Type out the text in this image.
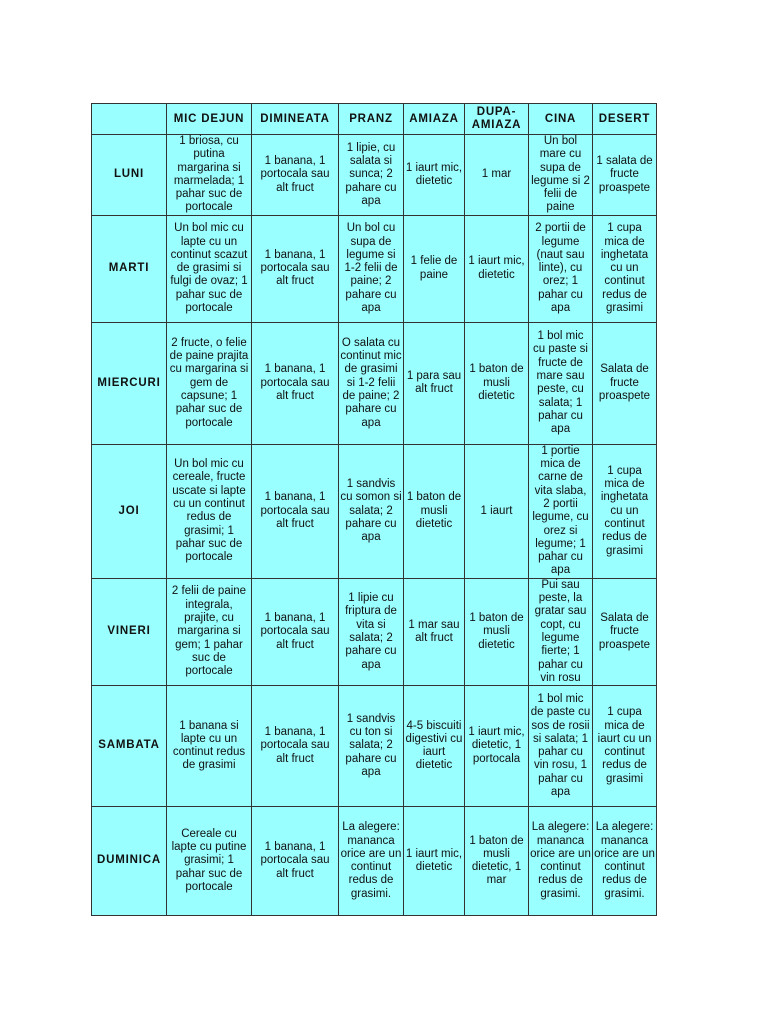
	MIC DEJUN	DIMINEATA	PRANZ	AMIAZA	DUPA-AMIAZA	CINA	DESERT
LUNI	1 briosa, cu putina margarina si marmelada; 1 pahar suc de portocale	1 banana, 1 portocala sau alt fruct	1 lipie, cu salata si sunca; 2 pahare cu apa	1 iaurt mic, dietetic	1 mar	Un bol mare cu supa de legume si 2 felii de paine	1 salata de fructe proaspete
MARTI	Un bol mic cu lapte cu un continut scazut de grasimi si fulgi de ovaz; 1 pahar suc de portocale	1 banana, 1 portocala sau alt fruct	Un bol cu supa de legume si 1-2 felii de paine; 2 pahare cu apa	1 felie de paine	1 iaurt mic, dietetic	2 portii de legume (naut sau linte), cu orez; 1 pahar cu apa	1 cupa mica de inghetata cu un continut redus de grasimi
MIERCURI	2 fructe, o felie de paine prajita cu margarina si gem de capsune; 1 pahar suc de portocale	1 banana, 1 portocala sau alt fruct	O salata cu continut mic de grasimi si 1-2 felii de paine; 2 pahare cu apa	1 para sau alt fruct	1 baton de musli dietetic	1 bol mic cu paste si fructe de mare sau peste, cu salata; 1 pahar cu apa	Salata de fructe proaspete
JOI	Un bol mic cu cereale, fructe uscate si lapte cu un continut redus de grasimi; 1 pahar suc de portocale	1 banana, 1 portocala sau alt fruct	1 sandvis cu somon si salata; 2 pahare cu apa	1 baton de musli dietetic	1 iaurt	1 portie mica de carne de vita slaba, 2 portii legume, cu orez si legume; 1 pahar cu apa	1 cupa mica de inghetata cu un continut redus de grasimi
VINERI	2 felii de paine integrala, prajite, cu margarina si gem; 1 pahar suc de portocale	1 banana, 1 portocala sau alt fruct	1 lipie cu friptura de vita si salata; 2 pahare cu apa	1 mar sau alt fruct	1 baton de musli dietetic	Pui sau peste, la gratar sau copt, cu legume fierte; 1 pahar cu vin rosu	Salata de fructe proaspete
SAMBATA	1 banana si lapte cu un continut redus de grasimi	1 banana, 1 portocala sau alt fruct	1 sandvis cu ton si salata; 2 pahare cu apa	4-5 biscuiti digestivi cu iaurt dietetic	1 iaurt mic, dietetic, 1 portocala	1 bol mic de paste cu sos de rosii si salata; 1 pahar cu vin rosu, 1 pahar cu apa	1 cupa mica de iaurt cu un continut redus de grasimi
DUMINICA	Cereale cu lapte cu putine grasimi; 1 pahar suc de portocale	1 banana, 1 portocala sau alt fruct	La alegere: mananca orice are un continut redus de grasimi.	1 iaurt mic, dietetic	1 baton de musli dietetic, 1 mar	La alegere: mananca orice are un continut redus de grasimi.	La alegere: mananca orice are un continut redus de grasimi.
